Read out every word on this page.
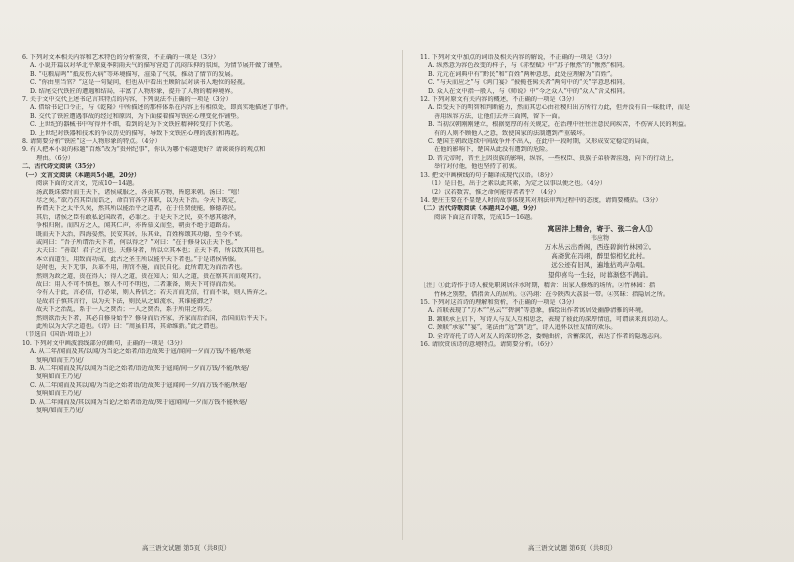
6. 下列对文本相关内容和艺术特色的分析鉴赏，不正确的一项是（3分）

A. 小说开篇以对华北平原夏季阴雨天气的描写营造了沉闷压抑的氛围，为情节展开做了铺垫。

B. “屯粮肩鸣”“抵皮伤大病”等环境描写，渲染了气氛，推动了情节的发展。

C. “你由里当官？”这是一句疑问，但也从中看出主顾阶层对读书人地位的轻视。

D. 结尾交代铁匠的遭遇和结局，丰富了人物形象，提升了人物的精神境界。

7. 关于文中交代上述书记言其特点的内容，下列说法不正确的一项是（3分）

A. 借给书记口令正，与《乾隆》中所描述的那样体系在内容上有相似处，即真实地描述了事件。

B. 交代了铁匠遭遇事故的经过和原因，为下面接着描写铁匠心理变化作铺垫。

C. 上世纪的器械书中写得并不细，看到的是为下文铁匠精神转变打下伏笔。

D. 上世纪对铁器和技术的争议历史的描写，导致下文铁匠心理的波折和再起。

8. 请简要分析“铁匠”这一人物形象的特点。（4分）

9. 有人把本小说的标题“百炼”改为“贵州纪事”，你认为哪个标题更好？请谈谈你的观点和

理由。（6分）

二、古代诗文阅读（35分）

（一）文言文阅读（本题共5小题，20分）

阅读下面的文言文，完成10～14题。

汤武既诛桀纣而王天下，诸侯咸服之，各贡其方物，皆愿来朝。汤曰：“嘻！

尽之矣。”欲乃召其臣而诰之，命百官各守其职，以为天下治。今天下既定，

皆谓天下之太平久矣，然其所以能治平之道者，在于任贤使能，修德养民。

其后，诸侯之臣有敢私论国政者，必罪之。于是天下之民，莫不感其德泽，

争相归附。而四方之人，闻其仁声，亦皆慕义而至，朝贡不绝于道路焉。

既而天下大治，四海晏然，民安其居，乐其业，百姓称颂其功德，至今不衰。

或问曰：“吾子所谓治天下者，何以得之？”对曰：“在于修身以正天下也。”

大夫曰：“善哉！君子之言也。夫修身者，所以立其本也；正天下者，所以致其用也。

本立而道生，用致而功成，此古之圣王所以能平天下者也。”于是诸侯皆服。

是时也，天下无事，兵革不用，刑罚不施，而民自化。此所谓无为而治者也。

然则为政之道，贵在得人；得人之道，贵在知人；知人之道，贵在察其言而观其行。

故曰：用人不可不慎也，察人不可不明也，二者兼备，则天下可得而治矣。

今有人于此，言必信，行必果，则人皆信之；若夫言而无信，行而不果，则人皆弃之。

是故君子慎其言行，以为天下法，则民从之如流水，其谁能御之？

故天下之治乱，系于一人之贤否；一人之贤否，系于所用之得失。

然则欲治天下者，其必自修身始乎？修身而后齐家，齐家而后治国，治国而后平天下。

此所以为大学之道也。《诗》曰：“周虽旧邦，其命维新。”此之谓也。

（节选自《国语·周语上》）

10. 下列对文中画波浪线部分的断句，正确的一项是（3分）

A. 从二年/闻而及其/以闻/为当论之始者/语近故死于寇/闻间一夕而万钱/不能/秋毫

复响/如而王乃见/

B. 从二年闻而及其/以闻为当论之始者/语近故死于寇闻/间一夕而万钱/不能/秋毫/

复响如而王乃见/

C. 从二年闻而及其以闻/为当论之始者语/近故死于寇闻间一夕/而万钱不能/秋毫/

复响如而王乃见/

D. 从二年闻而及/其以闻为当论/之始者语近故/死于寇闻间/一夕而万钱不能秋毫/

复响/如而王乃见/

11. 下列对文中加点的词语及相关内容的解说，不正确的一项是（3分）

A. 纵然意为容色改变的样子，与《赤壁赋》中“苏子愀然”的“愀然”相同。

B. 元元在词典中有“黔民”和“百姓”两种意思，此处应理解为“百姓”。

C. “与天而应之”与《鸿门宴》“披揽苍髯关者”两句中的“关”字意思相同。

D. 众人在文中指一般人，与《师说》中“今之众人”中的“众人”含义相同。

12. 下列对原文有关内容的概述，不正确的一项是（3分）

A. 臣受天下的明智和判断能力，然而其忠心由社稷归出方所行力此，但并没有自一味批评，而是

善用纵容方法，让他们去并三面网，留下一面。

B. 当初汉朝刚刚建立，根据宽厚的有关规定，在治理中往往注意民间疾苦，不伤害人民的利益。

有的人则不顾他人之意，致使国家的法制遭到严重破坏。

C. 楚国王朝政连续中间战争并不出入，在此中一段时期，又形成安定稳定的局面，

在他的影响下，楚国从此没有遭到的危险。

D. 晋元帝时，晋主上因贵族的影响，纵容，一些权臣、贵族子弟骄奢淫逸，向下的行动上，

举行对付他，他也坚持了初衷。

13. 把文中画横线的句子翻译成现代汉语。（8分）

（1）是日也，出于之素以此其素，为定之以事以便之也。（4分）

（2）汉若数苦，惟之命何能得者者乎？（4分）

14. 楚庄王要在不显楚人时的故事体现其对刑法审判过程中的态度，请简要概括。（3分）

（二）古代诗歌阅读（本题共2小题，9分）

阅读下面这首诗歌，完成15～16题。

寓居沣上精舍，寄于、张二舍人①
韦应物

万木丛云出香阁，西连碧涧竹林园②。

高斋犹在冯翊，醉里惊相忆此村。

远公迹有旧风，遍地拈鸡声杂唱。

望仰喜鸟一生轻，时暮渐悠不满前。

［注］①此诗作于诗人被免职闲居沣水时期，精舍：出家人修炼的场所。②竹林园：指

竹林之别墅，借指舍人的居所。③冯翊：在今陕西大荔县一带。④冥昧：指隐居之所。

15. 下列对这首诗的理解和赏析，不正确的一项是（3分）

A. 首联表现了“万木”“丛云”“碧涧”等意象，描绘出作者寓居处幽静清雅的环境。

B. 颔联承上启下，写诗人与友人互相思念，表现了彼此的深厚情谊，可谓读来真切动人。

C. 颈联“承家”“宴”，笔法由“远”到“近”，诗人追怀以往友情的欢乐。

D. 全诗寄托了诗人对友人的深切怀念，委婉曲折，含蓄深沉，表达了作者的隐逸志向。

16. 请欣赏该诗的意境特点。请简要分析。（6分）

高三语文试题 第5页（共8页）	高三语文试题 第6页（共8页）
